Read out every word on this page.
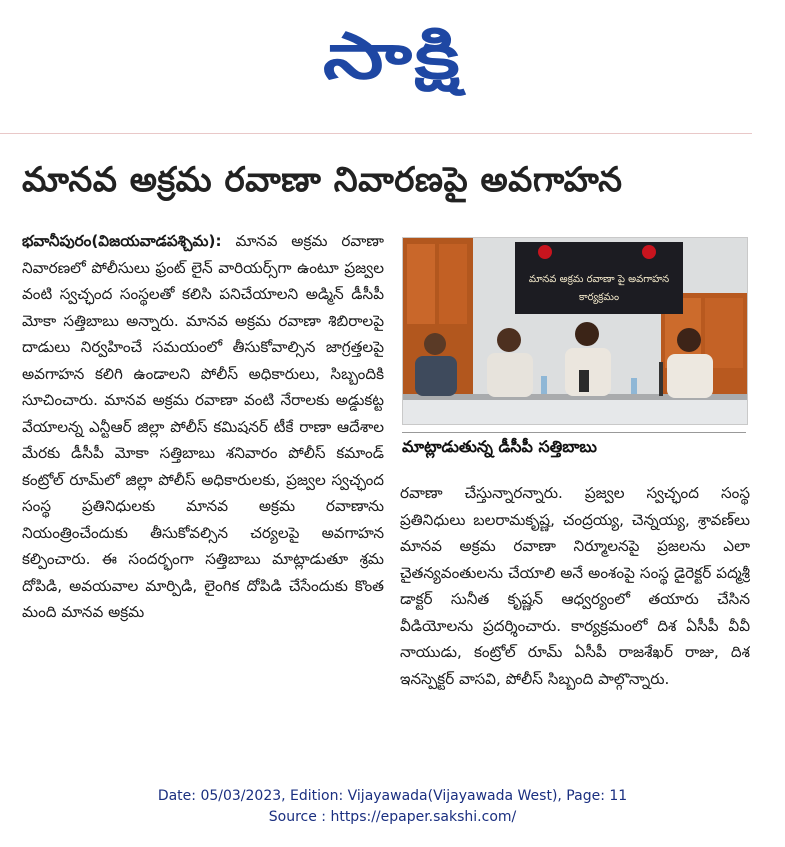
సాక్షి
మానవ అక్రమ రవాణా నివారణపై అవగాహన
భవానీపురం(విజయవాడపశ్చిమ): మానవ అక్రమ రవాణా నివారణలో పోలీసులు ఫ్రంట్‌ లైన్‌ వారియర్స్‌గా ఉంటూ ప్రజ్వల వంటి స్వచ్ఛంద సంస్థలతో కలిసి పనిచేయాలని అడ్మిన్‌ డీసీపీ మోకా సత్తిబాబు అన్నారు. మానవ అక్రమ రవాణా శిబిరాలపై దాడులు నిర్వహించే సమయంలో తీసుకోవాల్సిన జాగ్రత్తలపై అవగాహన కలిగి ఉండాలని పోలీస్‌ అధికారులు, సిబ్బందికి సూచించారు. మానవ అక్రమ రవాణా వంటి నేరాలకు అడ్డుకట్ట వేయాలన్న ఎన్టీఆర్‌ జిల్లా పోలీస్‌ కమిషనర్‌ టీకే రాణా ఆదేశాల మేరకు డీసీపీ మోకా సత్తిబాబు శనివారం పోలీస్‌ కమాండ్‌ కంట్రోల్‌ రూమ్‌లో జిల్లా పోలీస్‌ అధికారులకు, ప్రజ్వల స్వచ్ఛంద సంస్థ ప్రతినిధులకు మానవ అక్రమ రవాణాను నియంత్రించేందుకు తీసుకోవల్సిన చర్యలపై అవగాహన కల్పించారు. ఈ సందర్భంగా సత్తిబాబు మాట్లాడుతూ శ్రమ దోపిడి, అవయవాల మార్పిడి, లైంగిక దోపిడి చేసేందుకు కొంత మంది మానవ అక్రమ
మానవ అక్రమ రవాణా పై అవగాహన
కార్యక్రమం
మాట్లాడుతున్న డీసీపీ సత్తిబాబు
రవాణా చేస్తున్నారన్నారు. ప్రజ్వల స్వచ్ఛంద సంస్థ ప్రతినిధులు బలరామకృష్ణ, చంద్రయ్య, చెన్నయ్య, శ్రావణ్‌లు మానవ అక్రమ రవాణా నిర్మూలనపై ప్రజలను ఎలా చైతన్యవంతులను చేయాలి అనే అంశంపై సంస్థ డైరెక్టర్‌ పద్మశ్రీ డాక్టర్‌ సునీత కృష్ణన్‌ ఆధ్వర్యంలో తయారు చేసిన వీడియోలను ప్రదర్శించారు. కార్యక్రమంలో దిశ ఏసీపీ వీవీ నాయుడు, కంట్రోల్‌ రూమ్‌ ఏసీపీ రాజశేఖర్‌ రాజు, దిశ ఇనస్పెక్టర్‌ వాసవి, పోలీస్‌ సిబ్బంది పాల్గొన్నారు.
Date: 05/03/2023, Edition: Vijayawada(Vijayawada West), Page: 11
Source : https://epaper.sakshi.com/
